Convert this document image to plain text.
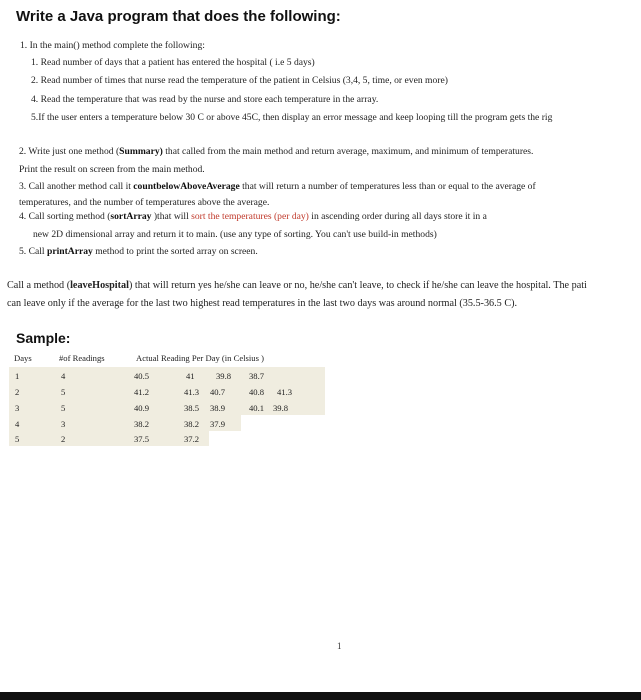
Write a Java program that does the following:
1. In the main() method complete the following:
1. Read number of days that a patient has entered the hospital ( i.e 5 days)
2. Read number of times that nurse read the temperature of the patient in Celsius (3,4, 5, time, or even more)
4. Read the temperature that was read by the nurse and store each temperature in the array.
5.If the user enters a temperature below 30 C or above 45C, then display an error message and keep looping till the program gets the rig
2. Write just one method (Summary) that called from the main method and return average, maximum, and minimum of temperatures.
Print the result on screen from the main method.
3. Call another method call it countbelowAboveAverage that will return a number of temperatures less than or equal to the average of
temperatures, and the number of temperatures above the average.
4. Call sorting method (sortArray )that will sort the temperatures (per day) in ascending order during all days store it in a
new 2D dimensional array and return it to main. (use any type of sorting. You can't use build-in methods)
5. Call printArray method to print the sorted array on screen.
Call a method (leaveHospital) that will return yes he/she can leave or no, he/she can't leave, to check if he/she can leave the hospital. The pati
can leave only if the average for the last two highest read temperatures in the last two days was around normal (35.5-36.5 C).
Sample:
Days	#of Readings	Actual Reading Per Day (in Celsius )
1	4	40.5	41 39.8 38.7
2	5	41.2	41.3 40.7	40.8 41.3
3	5	40.9	38.5 38.9	40.1 39.8
4	3	38.2	38.2 37.9
5	2	37.5	37.2
1
